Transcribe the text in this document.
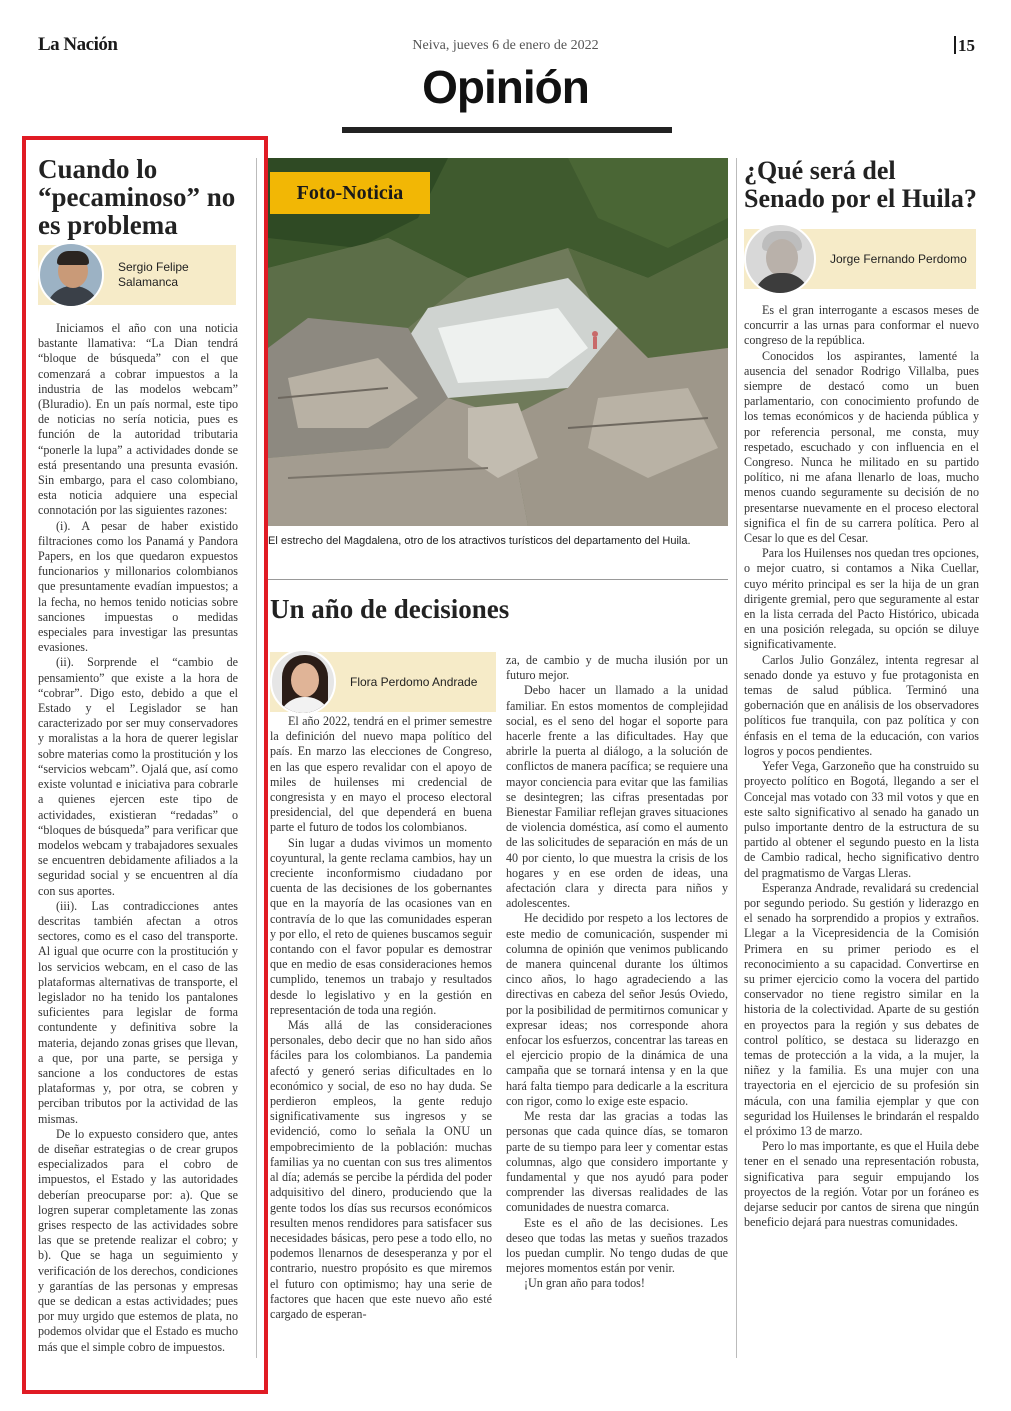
La Nación	Neiva, jueves 6 de enero de 2022	15
Opinión
Cuando lo “pecaminoso” no es problema
Sergio Felipe Salamanca

Iniciamos el año con una noticia bastante llamativa: “La Dian tendrá “bloque de búsqueda” con el que comenzará a cobrar impuestos a la industria de las modelos webcam” (Bluradio). En un país normal, este tipo de noticias no sería noticia, pues es función de la autoridad tributaria “ponerle la lupa” a actividades donde se está presentando una presunta evasión. Sin embargo, para el caso colombiano, esta noticia adquiere una especial connotación por las siguientes razones:

(i). A pesar de haber existido filtraciones como los Panamá y Pandora Papers, en los que quedaron expuestos funcionarios y millonarios colombianos que presuntamente evadían impuestos; a la fecha, no hemos tenido noticias sobre sanciones impuestas o medidas especiales para investigar las presuntas evasiones.

(ii). Sorprende el “cambio de pensamiento” que existe a la hora de “cobrar”. Digo esto, debido a que el Estado y el Legislador se han caracterizado por ser muy conservadores y moralistas a la hora de querer legislar sobre materias como la prostitución y los “servicios webcam”. Ojalá que, así como existe voluntad e iniciativa para cobrarle a quienes ejercen este tipo de actividades, existieran “redadas” o “bloques de búsqueda” para verificar que modelos webcam y trabajadores sexuales se encuentren debidamente afiliados a la seguridad social y se encuentren al día con sus aportes.

(iii). Las contradicciones antes descritas también afectan a otros sectores, como es el caso del transporte. Al igual que ocurre con la prostitución y los servicios webcam, en el caso de las plataformas alternativas de transporte, el legislador no ha tenido los pantalones suficientes para legislar de forma contundente y definitiva sobre la materia, dejando zonas grises que llevan, a que, por una parte, se persiga y sancione a los conductores de estas plataformas y, por otra, se cobren y perciban tributos por la actividad de las mismas.

De lo expuesto considero que, antes de diseñar estrategias o de crear grupos especializados para el cobro de impuestos, el Estado y las autoridades deberían preocuparse por: a). Que se logren superar completamente las zonas grises respecto de las actividades sobre las que se pretende realizar el cobro; y b). Que se haga un seguimiento y verificación de los derechos, condiciones y garantías de las personas y empresas que se dedican a estas actividades; pues por muy urgido que estemos de plata, no podemos olvidar que el Estado es mucho más que el simple cobro de impuestos.

Foto-Noticia
El estrecho del Magdalena, otro de los atractivos turísticos del departamento del Huila.
Un año de decisiones
Flora Perdomo Andrade

El año 2022, tendrá en el primer semestre la definición del nuevo mapa político del país. En marzo las elecciones de Congreso, en las que espero revalidar con el apoyo de miles de huilenses mi credencial de congresista y en mayo el proceso electoral presidencial, del que dependerá en buena parte el futuro de todos los colombianos.

Sin lugar a dudas vivimos un momento coyuntural, la gente reclama cambios, hay un creciente inconformismo ciudadano por cuenta de las decisiones de los gobernantes que en la mayoría de las ocasiones van en contravía de lo que las comunidades esperan y por ello, el reto de quienes buscamos seguir contando con el favor popular es demostrar que en medio de esas consideraciones hemos cumplido, tenemos un trabajo y resultados desde lo legislativo y en la gestión en representación de toda una región.

Más allá de las consideraciones personales, debo decir que no han sido años fáciles para los colombianos. La pandemia afectó y generó serias dificultades en lo económico y social, de eso no hay duda. Se perdieron empleos, la gente redujo significativamente sus ingresos y se evidenció, como lo señala la ONU un empobrecimiento de la población: muchas familias ya no cuentan con sus tres alimentos al día; además se percibe la pérdida del poder adquisitivo del dinero, produciendo que la gente todos los días sus recursos económicos resulten menos rendidores para satisfacer sus necesidades básicas, pero pese a todo ello, no podemos llenarnos de desesperanza y por el contrario, nuestro propósito es que miremos el futuro con optimismo; hay una serie de factores que hacen que este nuevo año esté cargado de esperan-

za, de cambio y de mucha ilusión por un futuro mejor.

Debo hacer un llamado a la unidad familiar. En estos momentos de complejidad social, es el seno del hogar el soporte para hacerle frente a las dificultades. Hay que abrirle la puerta al diálogo, a la solución de conflictos de manera pacífica; se requiere una mayor conciencia para evitar que las familias se desintegren; las cifras presentadas por Bienestar Familiar reflejan graves situaciones de violencia doméstica, así como el aumento de las solicitudes de separación en más de un 40 por ciento, lo que muestra la crisis de los hogares y en ese orden de ideas, una afectación clara y directa para niños y adolescentes.

He decidido por respeto a los lectores de este medio de comunicación, suspender mi columna de opinión que venimos publicando de manera quincenal durante los últimos cinco años, lo hago agradeciendo a las directivas en cabeza del señor Jesús Oviedo, por la posibilidad de permitirnos comunicar y expresar ideas; nos corresponde ahora enfocar los esfuerzos, concentrar las tareas en el ejercicio propio de la dinámica de una campaña que se tornará intensa y en la que hará falta tiempo para dedicarle a la escritura con rigor, como lo exige este espacio.

Me resta dar las gracias a todas las personas que cada quince días, se tomaron parte de su tiempo para leer y comentar estas columnas, algo que considero importante y fundamental y que nos ayudó para poder comprender las diversas realidades de las comunidades de nuestra comarca.

Este es el año de las decisiones. Les deseo que todas las metas y sueños trazados los puedan cumplir. No tengo dudas de que mejores momentos están por venir.

¡Un gran año para todos!

¿Qué será del Senado por el Huila?
Jorge Fernando Perdomo

Es el gran interrogante a escasos meses de concurrir a las urnas para conformar el nuevo congreso de la república.

Conocidos los aspirantes, lamenté la ausencia del senador Rodrigo Villalba, pues siempre de destacó como un buen parlamentario, con conocimiento profundo de los temas económicos y de hacienda pública y por referencia personal, me consta, muy respetado, escuchado y con influencia en el Congreso. Nunca he militado en su partido político, ni me afana llenarlo de loas, mucho menos cuando seguramente su decisión de no presentarse nuevamente en el proceso electoral significa el fin de su carrera política. Pero al Cesar lo que es del Cesar.

Para los Huilenses nos quedan tres opciones, o mejor cuatro, si contamos a Nika Cuellar, cuyo mérito principal es ser la hija de un gran dirigente gremial, pero que seguramente al estar en la lista cerrada del Pacto Histórico, ubicada en una posición relegada, su opción se diluye significativamente.

Carlos Julio González, intenta regresar al senado donde ya estuvo y fue protagonista en temas de salud pública. Terminó una gobernación que en análisis de los observadores políticos fue tranquila, con paz política y con énfasis en el tema de la educación, con varios logros y pocos pendientes.

Yefer Vega, Garzoneño que ha construido su proyecto político en Bogotá, llegando a ser el Concejal mas votado con 33 mil votos y que en este salto significativo al senado ha ganado un pulso importante dentro de la estructura de su partido al obtener el segundo puesto en la lista de Cambio radical, hecho significativo dentro del pragmatismo de Vargas Lleras.

Esperanza Andrade, revalidará su credencial por segundo periodo. Su gestión y liderazgo en el senado ha sorprendido a propios y extraños. Llegar a la Vicepresidencia de la Comisión Primera en su primer periodo es el reconocimiento a su capacidad. Convertirse en su primer ejercicio como la vocera del partido conservador no tiene registro similar en la historia de la colectividad. Aparte de su gestión en proyectos para la región y sus debates de control político, se destaca su liderazgo en temas de protección a la vida, a la mujer, la niñez y la familia. Es una mujer con una trayectoria en el ejercicio de su profesión sin mácula, con una familia ejemplar y que con seguridad los Huilenses le brindarán el respaldo el próximo 13 de marzo.

Pero lo mas importante, es que el Huila debe tener en el senado una representación robusta, significativa para seguir empujando los proyectos de la región. Votar por un foráneo es dejarse seducir por cantos de sirena que ningún beneficio dejará para nuestras comunidades.
